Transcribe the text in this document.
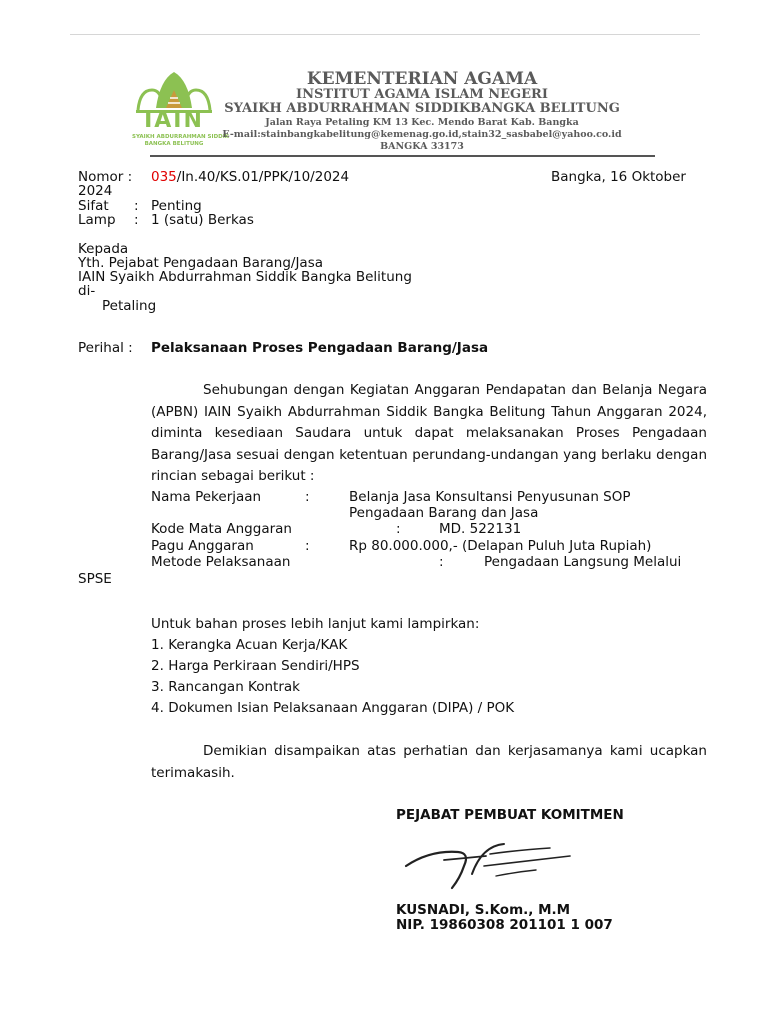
IAIN
SYAIKH ABDURRAHMAN SIDDIK
BANGKA BELITUNG
KEMENTERIAN AGAMA
INSTITUT AGAMA ISLAM NEGERI
SYAIKH ABDURRAHMAN SIDDIKBANGKA BELITUNG
Jalan Raya Petaling KM 13 Kec. Mendo Barat Kab. Bangka
E-mail:stainbangkabelitung@kemenag.go.id,stain32_sasbabel@yahoo.co.id
BANGKA 33173
Nomor : 035/In.40/KS.01/PPK/10/2024	Bangka, 16 Oktober
2024
Sifat : Penting
Lamp : 1 (satu) Berkas
Kepada
Yth. Pejabat Pengadaan Barang/Jasa
IAIN Syaikh Abdurrahman Siddik Bangka Belitung
di-
Petaling
Perihal : Pelaksanaan Proses Pengadaan Barang/Jasa
Sehubungan dengan Kegiatan Anggaran Pendapatan dan Belanja Negara (APBN) IAIN Syaikh Abdurrahman Siddik Bangka Belitung Tahun Anggaran 2024, diminta kesediaan Saudara untuk dapat melaksanakan Proses Pengadaan Barang/Jasa sesuai dengan ketentuan perundang-undangan yang berlaku dengan rincian sebagai berikut :
Nama Pekerjaan	:	Belanja Jasa Konsultansi Penyusunan SOP
Pengadaan Barang dan Jasa
Kode Mata Anggaran	:	MD. 522131
Pagu Anggaran	:	Rp 80.000.000,- (Delapan Puluh Juta Rupiah)
Metode Pelaksanaan	:	Pengadaan Langsung Melalui
SPSE
Untuk bahan proses lebih lanjut kami lampirkan:
1. Kerangka Acuan Kerja/KAK
2. Harga Perkiraan Sendiri/HPS
3. Rancangan Kontrak
4. Dokumen Isian Pelaksanaan Anggaran (DIPA) / POK
Demikian disampaikan atas perhatian dan kerjasamanya kami ucapkan terimakasih.
PEJABAT PEMBUAT KOMITMEN
KUSNADI, S.Kom., M.M
NIP. 19860308 201101 1 007
